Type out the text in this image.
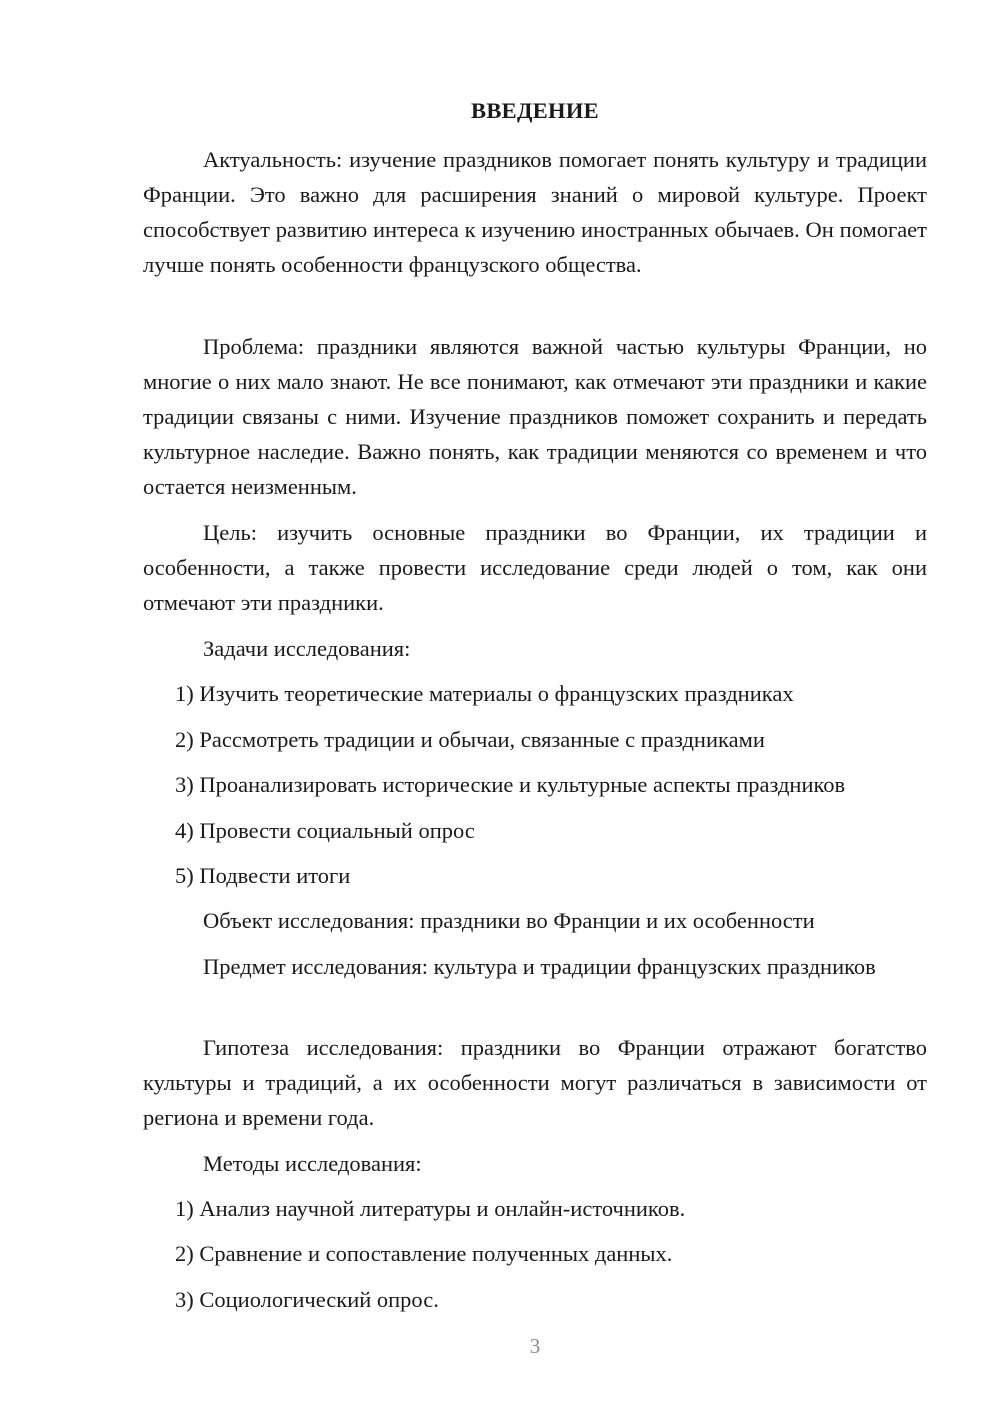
ВВЕДЕНИЕ

Актуальность: изучение праздников помогает понять культуру и традиции Франции. Это важно для расширения знаний о мировой культуре. Проект способствует развитию интереса к изучению иностранных обычаев. Он помогает лучше понять особенности французского общества.

Проблема: праздники являются важной частью культуры Франции, но многие о них мало знают. Не все понимают, как отмечают эти праздники и какие традиции связаны с ними. Изучение праздников поможет сохранить и передать культурное наследие. Важно понять, как традиции меняются со временем и что остается неизменным.

Цель: изучить основные праздники во Франции, их традиции и особенности, а также провести исследование среди людей о том, как они отмечают эти праздники.

Задачи исследования:

1) Изучить теоретические материалы о французских праздниках

2) Рассмотреть традиции и обычаи, связанные с праздниками

3) Проанализировать исторические и культурные аспекты праздников

4) Провести социальный опрос

5) Подвести итоги

Объект исследования: праздники во Франции и их особенности

Предмет исследования: культура и традиции французских праздников

Гипотеза исследования: праздники во Франции отражают богатство культуры и традиций, а их особенности могут различаться в зависимости от региона и времени года.

Методы исследования:

1) Анализ научной литературы и онлайн-источников.

2) Сравнение и сопоставление полученных данных.

3) Социологический опрос.

3
